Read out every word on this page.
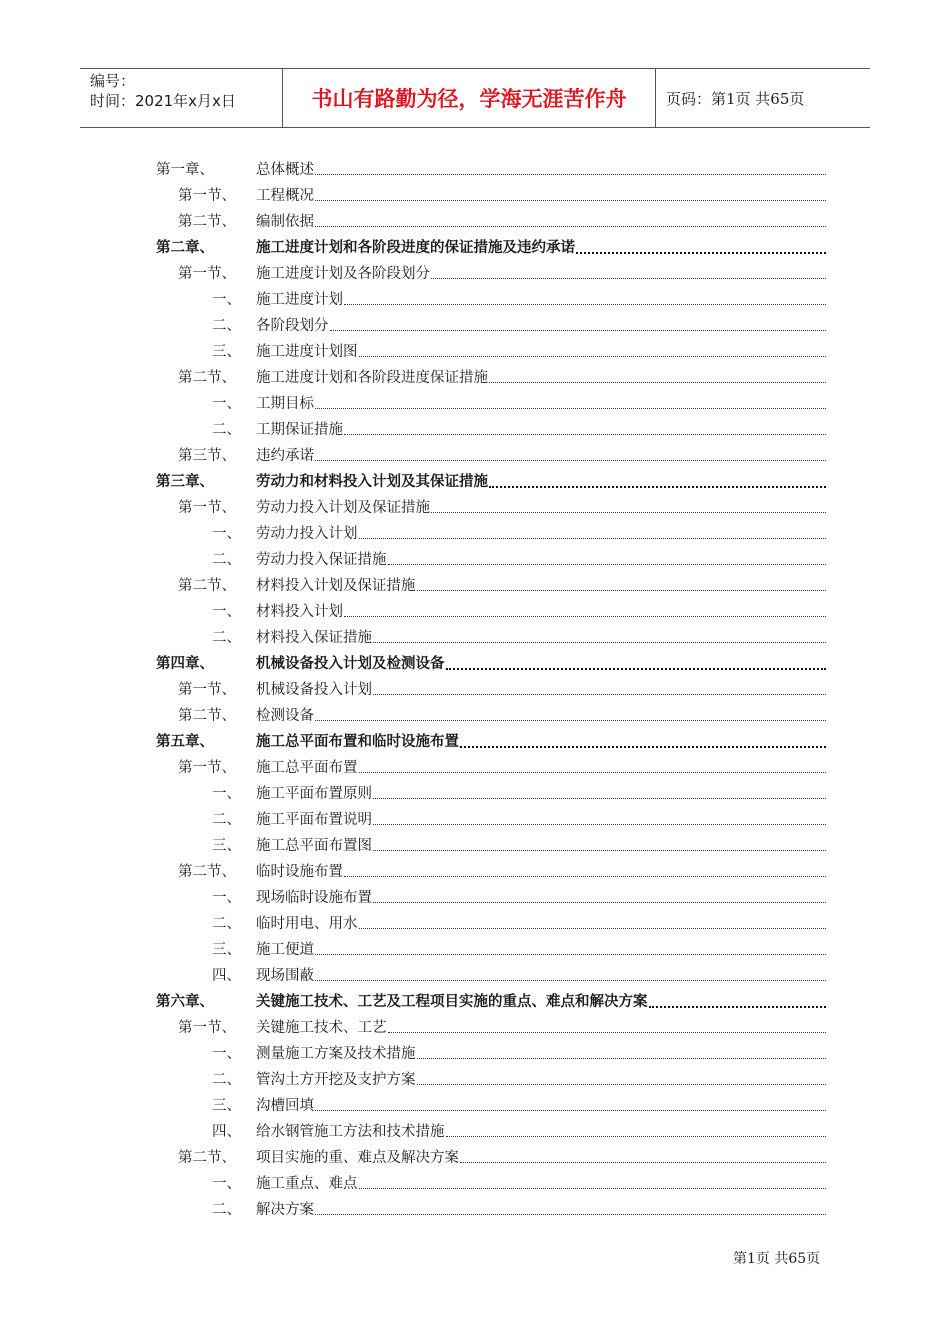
编号：
时间：2021年x月x日	书山有路勤为径，学海无涯苦作舟	页码：第1页 共65页
第一章、	总体概述
第一节、 工程概况
第二节、 编制依据
第二章、	施工进度计划和各阶段进度的保证措施及违约承诺
第一节、 施工进度计划及各阶段划分
一、 施工进度计划
二、 各阶段划分
三、 施工进度计划图
第二节、 施工进度计划和各阶段进度保证措施
一、 工期目标
二、 工期保证措施
第三节、 违约承诺
第三章、	劳动力和材料投入计划及其保证措施
第一节、 劳动力投入计划及保证措施
一、 劳动力投入计划
二、 劳动力投入保证措施
第二节、 材料投入计划及保证措施
一、 材料投入计划
二、 材料投入保证措施
第四章、	机械设备投入计划及检测设备
第一节、 机械设备投入计划
第二节、 检测设备
第五章、	施工总平面布置和临时设施布置
第一节、 施工总平面布置
一、 施工平面布置原则
二、 施工平面布置说明
三、 施工总平面布置图
第二节、 临时设施布置
一、 现场临时设施布置
二、 临时用电、用水
三、 施工便道
四、 现场围蔽
第六章、	关键施工技术、工艺及工程项目实施的重点、难点和解决方案
第一节、 关键施工技术、工艺
一、 测量施工方案及技术措施
二、 管沟土方开挖及支护方案
三、 沟槽回填
四、 给水钢管施工方法和技术措施
第二节、 项目实施的重、难点及解决方案
一、 施工重点、难点
二、 解决方案
第1页 共65页
